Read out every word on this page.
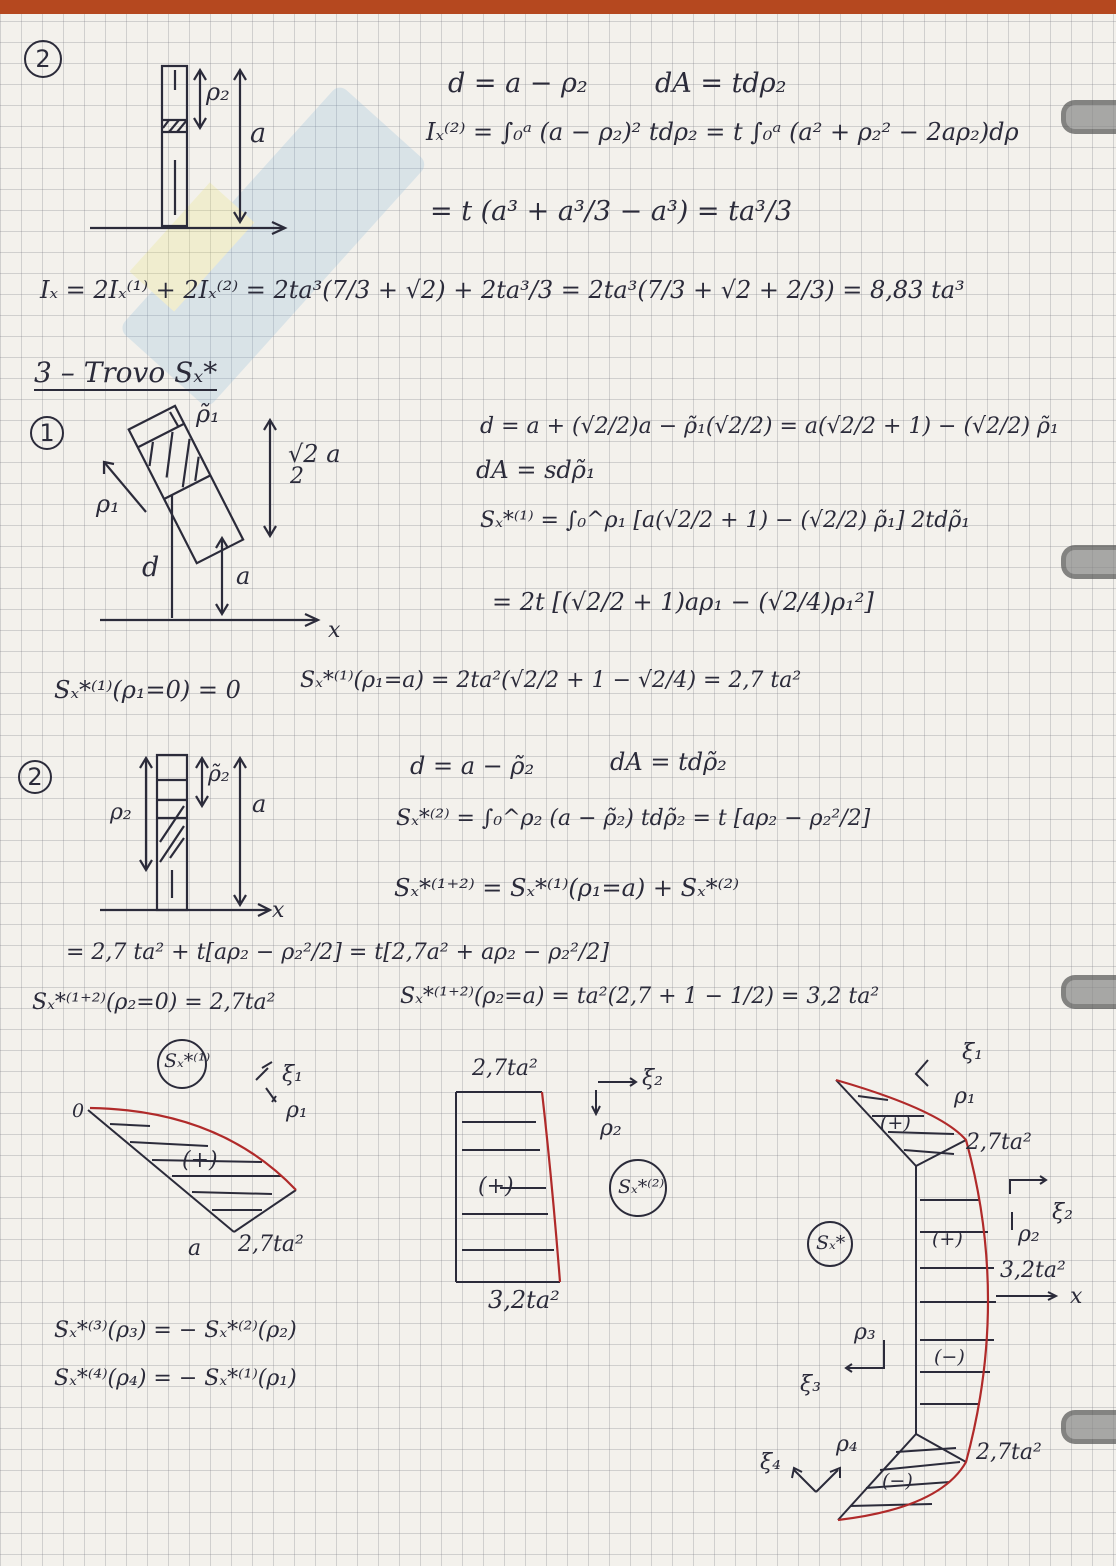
2
ρ₂
a
d = a − ρ₂ dA = tdρ₂
Iₓ⁽²⁾ = ∫₀ᵃ (a − ρ₂)² tdρ₂ = t ∫₀ᵃ (a² + ρ₂² − 2aρ₂)dρ
= t (a³ + a³/3 − a³) = ta³/3
Iₓ = 2Iₓ⁽¹⁾ + 2Iₓ⁽²⁾ = 2ta³(7/3 + √2) + 2ta³/3 = 2ta³(7/3 + √2 + 2/3) = 8,83 ta³
3 – Trovo Sₓ*
1
ρ̃₁
ρ₁
√2 a
2
d	a
x
d = a + (√2/2)a − ρ̃₁(√2/2) = a(√2/2 + 1) − (√2/2) ρ̃₁
dA = sdρ̃₁
Sₓ*⁽¹⁾ = ∫₀^ρ₁ [a(√2/2 + 1) − (√2/2) ρ̃₁] 2tdρ̃₁
= 2t [(√2/2 + 1)aρ₁ − (√2/4)ρ₁²]
Sₓ*⁽¹⁾(ρ₁=0) = 0	Sₓ*⁽¹⁾(ρ₁=a) = 2ta²(√2/2 + 1 − √2/4) = 2,7 ta²
2	ρ̃₂
ρ₂	a
x
d = a − ρ̃₂	dA = tdρ̃₂
Sₓ*⁽²⁾ = ∫₀^ρ₂ (a − ρ̃₂) tdρ̃₂ = t [aρ₂ − ρ₂²/2]
Sₓ*⁽¹⁺²⁾ = Sₓ*⁽¹⁾(ρ₁=a) + Sₓ*⁽²⁾
= 2,7 ta² + t[aρ₂ − ρ₂²/2] = t[2,7a² + aρ₂ − ρ₂²/2]
Sₓ*⁽¹⁺²⁾(ρ₂=0) = 2,7ta²	Sₓ*⁽¹⁺²⁾(ρ₂=a) = ta²(2,7 + 1 − 1/2) = 3,2 ta²
Sₓ*⁽¹⁾
ξ₁
ρ₁
0
(+)
a 2,7ta²
2,7ta²	ξ₂
ρ₂
(+)	Sₓ*⁽²⁾
3,2ta²
ξ₁
ρ₁
(+)
2,7ta²
ξ₂
ρ₂
(+)
Sₓ*
3,2ta²
x
ρ₃
ξ₃
(−)
ξ₄
ρ₄
(−)
2,7ta²
Sₓ*⁽³⁾(ρ₃) = − Sₓ*⁽²⁾(ρ₂)
Sₓ*⁽⁴⁾(ρ₄) = − Sₓ*⁽¹⁾(ρ₁)
